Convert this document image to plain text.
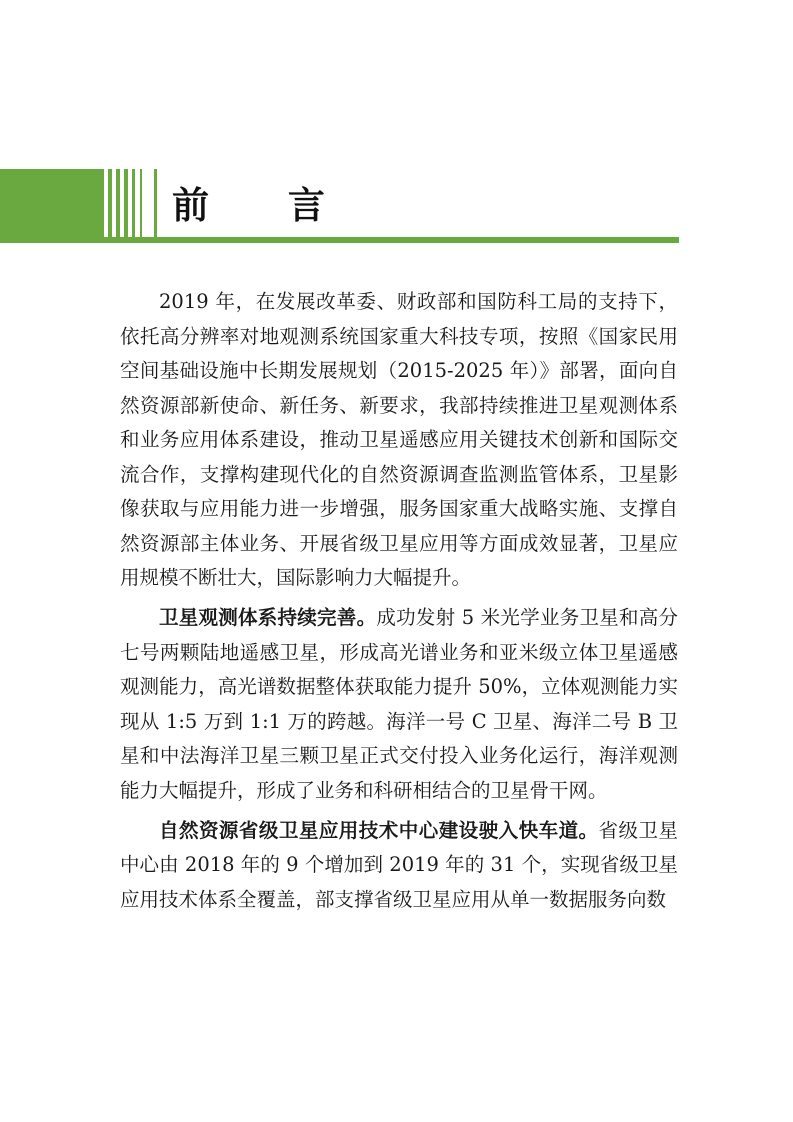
前 言

2019 年，在发展改革委、财政部和国防科工局的支持下，依托高分辨率对地观测系统国家重大科技专项，按照《国家民用空间基础设施中长期发展规划（2015-2025 年）》部署，面向自然资源部新使命、新任务、新要求，我部持续推进卫星观测体系和业务应用体系建设，推动卫星遥感应用关键技术创新和国际交流合作，支撑构建现代化的自然资源调查监测监管体系，卫星影像获取与应用能力进一步增强，服务国家重大战略实施、支撑自然资源部主体业务、开展省级卫星应用等方面成效显著，卫星应用规模不断壮大，国际影响力大幅提升。

卫星观测体系持续完善。成功发射 5 米光学业务卫星和高分七号两颗陆地遥感卫星，形成高光谱业务和亚米级立体卫星遥感观测能力，高光谱数据整体获取能力提升 50%，立体观测能力实现从 1:5 万到 1:1 万的跨越。海洋一号 C 卫星、海洋二号 B 卫星和中法海洋卫星三颗卫星正式交付投入业务化运行，海洋观测能力大幅提升，形成了业务和科研相结合的卫星骨干网。

自然资源省级卫星应用技术中心建设驶入快车道。省级卫星中心由 2018 年的 9 个增加到 2019 年的 31 个，实现省级卫星应用技术体系全覆盖，部支撑省级卫星应用从单一数据服务向数
